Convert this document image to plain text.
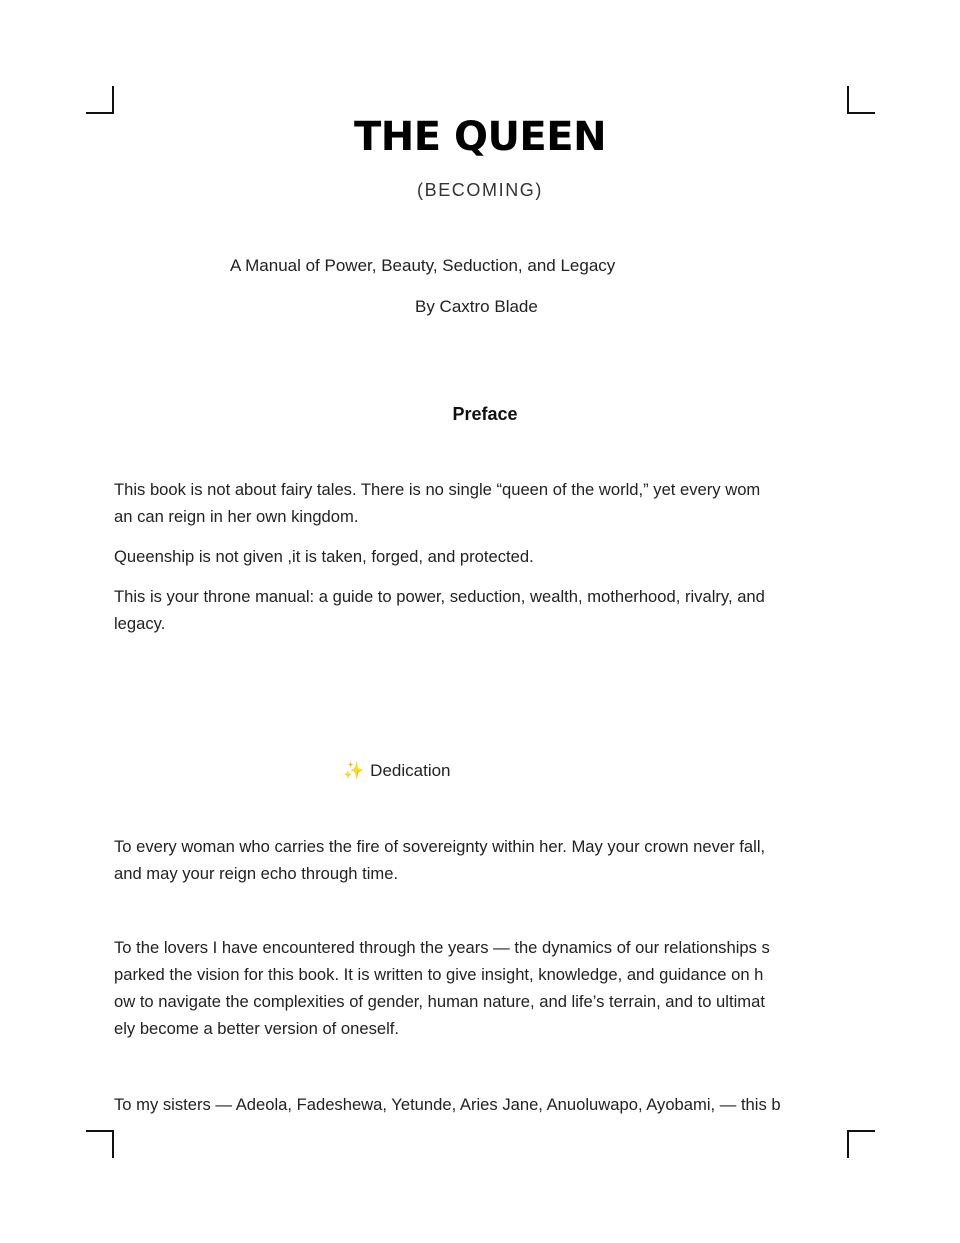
THE QUEEN
(BECOMING)
A Manual of Power, Beauty, Seduction, and Legacy
By Caxtro Blade
Preface
This book is not about fairy tales. There is no single “queen of the world,” yet every wom
an can reign in her own kingdom.
Queenship is not given ,it is taken, forged, and protected.
This is your throne manual: a guide to power, seduction, wealth, motherhood, rivalry, and
legacy.
✨ Dedication
To every woman who carries the fire of sovereignty within her. May your crown never fall,
and may your reign echo through time.
To the lovers I have encountered through the years — the dynamics of our relationships s
parked the vision for this book. It is written to give insight, knowledge, and guidance on h
ow to navigate the complexities of gender, human nature, and life’s terrain, and to ultimat
ely become a better version of oneself.
To my sisters — Adeola, Fadeshewa, Yetunde, Aries Jane, Anuoluwapo, Ayobami, — this b
